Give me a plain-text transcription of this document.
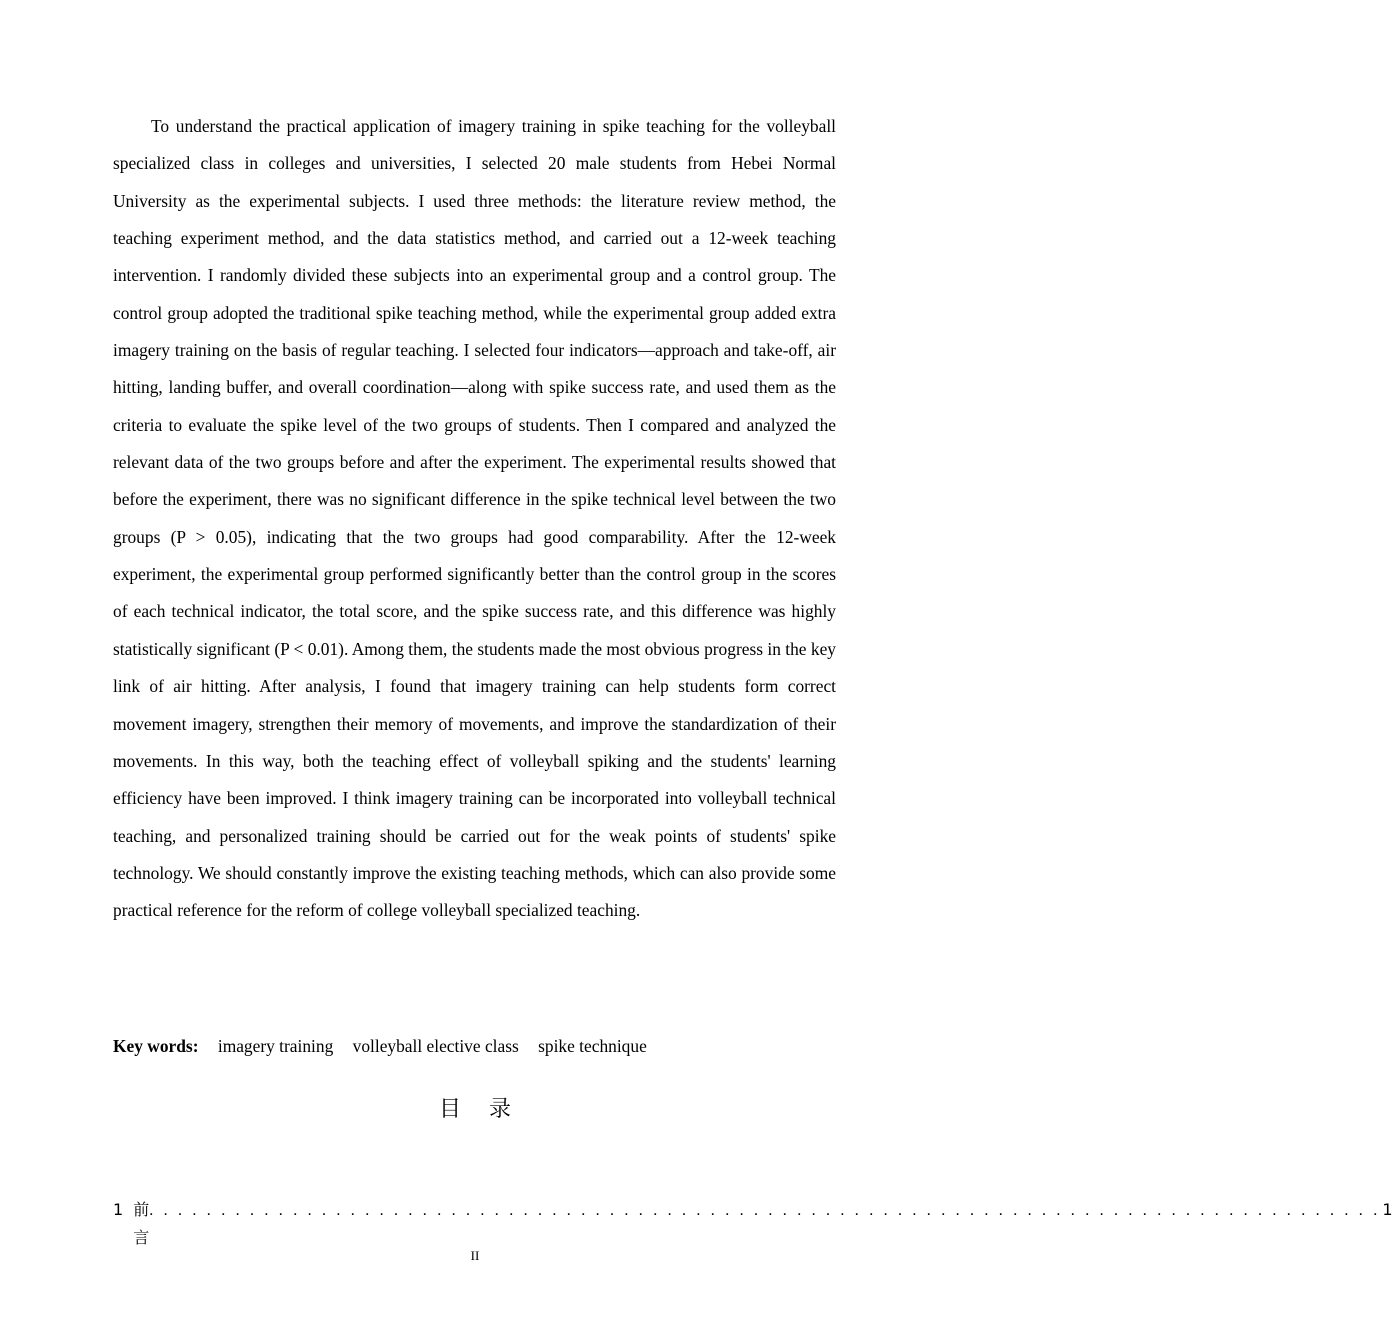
To understand the practical application of imagery training in spike teaching for the volleyball specialized class in colleges and universities, I selected 20 male students from Hebei Normal University as the experimental subjects. I used three methods: the literature review method, the teaching experiment method, and the data statistics method, and carried out a 12-week teaching intervention. I randomly divided these subjects into an experimental group and a control group. The control group adopted the traditional spike teaching method, while the experimental group added extra imagery training on the basis of regular teaching. I selected four indicators—approach and take-off, air hitting, landing buffer, and overall coordination—along with spike success rate, and used them as the criteria to evaluate the spike level of the two groups of students. Then I compared and analyzed the relevant data of the two groups before and after the experiment. The experimental results showed that before the experiment, there was no significant difference in the spike technical level between the two groups (P > 0.05), indicating that the two groups had good comparability. After the 12-week experiment, the experimental group performed significantly better than the control group in the scores of each technical indicator, the total score, and the spike success rate, and this difference was highly statistically significant (P < 0.01). Among them, the students made the most obvious progress in the key link of air hitting. After analysis, I found that imagery training can help students form correct movement imagery, strengthen their memory of movements, and improve the standardization of their movements. In this way, both the teaching effect of volleyball spiking and the students' learning efficiency have been improved. I think imagery training can be incorporated into volleyball technical teaching, and personalized training should be carried out for the weak points of students' spike technology. We should constantly improve the existing teaching methods, which can also provide some practical reference for the reform of college volleyball specialized teaching.

Key words: imagery training volleyball elective class spike technique
目 录
1 前言
. . . . . . . . . . . . . . . . . . . . . . . . . . . . . . . . . . . . . . . . . . . . . . . . . . . . . . . . . . . . . . . . . . . . . . . . . . . . . . . . . . . . . . 1
II
